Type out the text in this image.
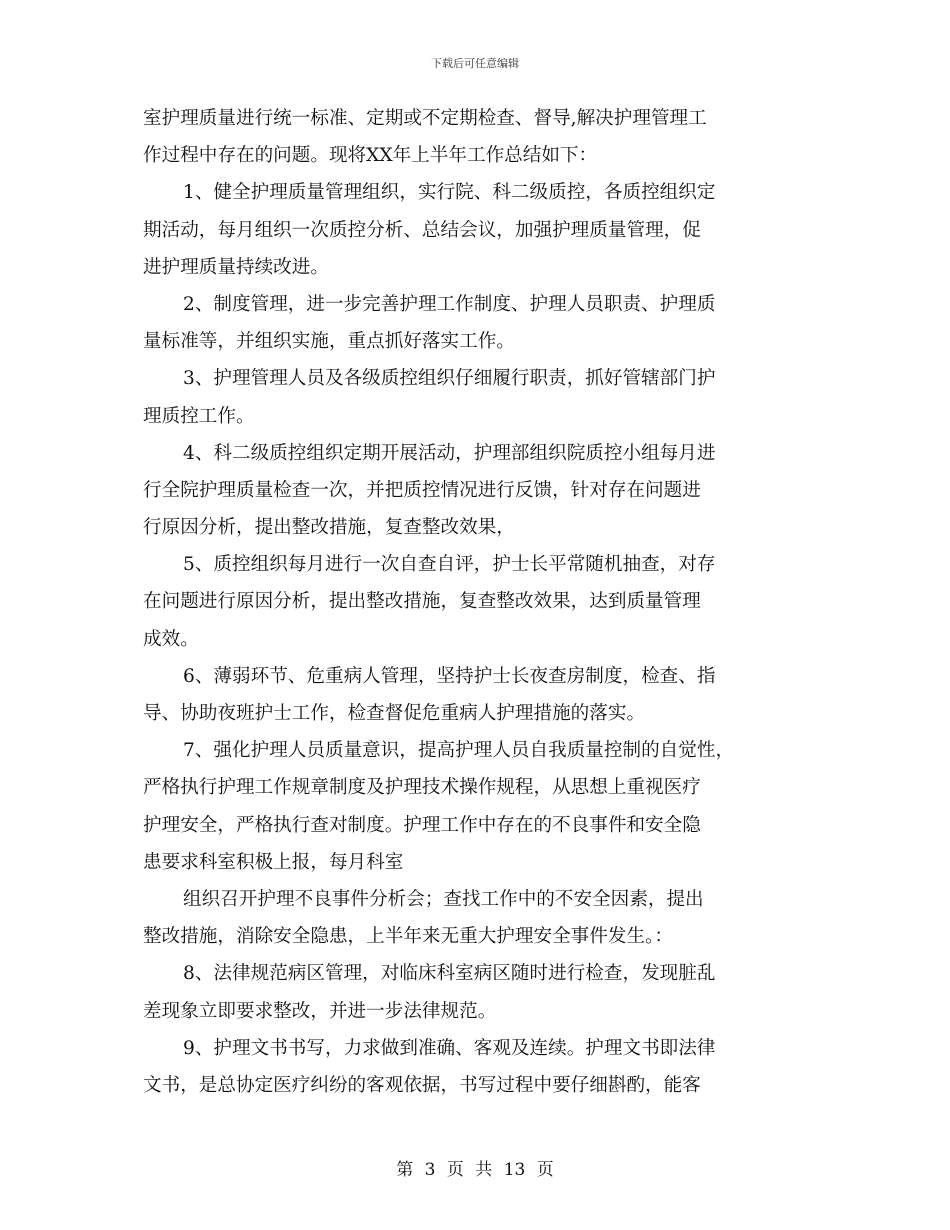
下载后可任意编辑
室护理质量进行统一标准、定期或不定期检查、督导,解决护理管理工
作过程中存在的问题。现将XX年上半年工作总结如下：
1、健全护理质量管理组织，实行院、科二级质控，各质控组织定
期活动，每月组织一次质控分析、总结会议，加强护理质量管理，促
进护理质量持续改进。
2、制度管理，进一步完善护理工作制度、护理人员职责、护理质
量标准等，并组织实施，重点抓好落实工作。
3、护理管理人员及各级质控组织仔细履行职责，抓好管辖部门护
理质控工作。
4、科二级质控组织定期开展活动，护理部组织院质控小组每月进
行全院护理质量检查一次，并把质控情况进行反馈，针对存在问题进
行原因分析，提出整改措施，复查整改效果，
5、质控组织每月进行一次自查自评，护士长平常随机抽查，对存
在问题进行原因分析，提出整改措施，复查整改效果，达到质量管理
成效。
6、薄弱环节、危重病人管理，坚持护士长夜查房制度，检查、指
导、协助夜班护士工作，检查督促危重病人护理措施的落实。
7、强化护理人员质量意识，提高护理人员自我质量控制的自觉性，
严格执行护理工作规章制度及护理技术操作规程，从思想上重视医疗
护理安全，严格执行查对制度。护理工作中存在的不良事件和安全隐
患要求科室积极上报，每月科室
组织召开护理不良事件分析会；查找工作中的不安全因素，提出
整改措施，消除安全隐患，上半年来无重大护理安全事件发生。：
8、法律规范病区管理，对临床科室病区随时进行检查，发现脏乱
差现象立即要求整改，并进一步法律规范。
9、护理文书书写，力求做到准确、客观及连续。护理文书即法律
文书，是总协定医疗纠纷的客观依据，书写过程中要仔细斟酌，能客
第 3 页 共 13 页
